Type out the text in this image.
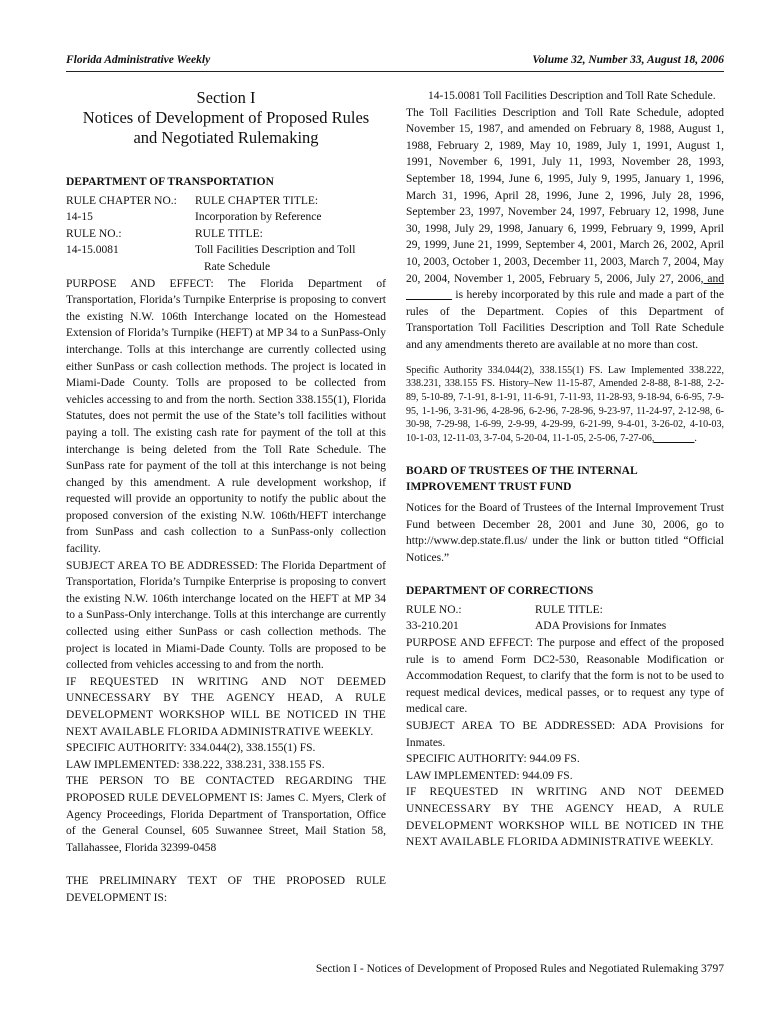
Florida Administrative Weekly	Volume 32, Number 33, August 18, 2006
Section I
Notices of Development of Proposed Rules
and Negotiated Rulemaking

DEPARTMENT OF TRANSPORTATION

RULE CHAPTER NO.:	RULE CHAPTER TITLE:
14-15	Incorporation by Reference
RULE NO.:	RULE TITLE:
14-15.0081	Toll Facilities Description and Toll
Rate Schedule

PURPOSE AND EFFECT: The Florida Department of Transportation, Florida’s Turnpike Enterprise is proposing to convert the existing N.W. 106th Interchange located on the Homestead Extension of Florida’s Turnpike (HEFT) at MP 34 to a SunPass-Only interchange. Tolls at this interchange are currently collected using either SunPass or cash collection methods. The project is located in Miami-Dade County. Tolls are proposed to be collected from vehicles accessing to and from the north. Section 338.155(1), Florida Statutes, does not permit the use of the State’s toll facilities without paying a toll. The existing cash rate for payment of the toll at this interchange is being deleted from the Toll Rate Schedule. The SunPass rate for payment of the toll at this interchange is not being changed by this amendment. A rule development workshop, if requested will provide an opportunity to notify the public about the proposed conversion of the existing N.W. 106th/HEFT interchange from SunPass and cash collection to a SunPass-only collection facility.

SUBJECT AREA TO BE ADDRESSED: The Florida Department of Transportation, Florida’s Turnpike Enterprise is proposing to convert the existing N.W. 106th interchange located on the HEFT at MP 34 to a SunPass-Only interchange. Tolls at this interchange are currently collected using either SunPass or cash collection methods. The project is located in Miami-Dade County. Tolls are proposed to be collected from vehicles accessing to and from the north.

IF REQUESTED IN WRITING AND NOT DEEMED UNNECESSARY BY THE AGENCY HEAD, A RULE DEVELOPMENT WORKSHOP WILL BE NOTICED IN THE NEXT AVAILABLE FLORIDA ADMINISTRATIVE WEEKLY.

SPECIFIC AUTHORITY: 334.044(2), 338.155(1) FS.

LAW IMPLEMENTED: 338.222, 338.231, 338.155 FS.

THE PERSON TO BE CONTACTED REGARDING THE PROPOSED RULE DEVELOPMENT IS: James C. Myers, Clerk of Agency Proceedings, Florida Department of Transportation, Office of the General Counsel, 605 Suwannee Street, Mail Station 58, Tallahassee, Florida 32399-0458

THE PRELIMINARY TEXT OF THE PROPOSED RULE DEVELOPMENT IS:

14-15.0081 Toll Facilities Description and Toll Rate Schedule.

The Toll Facilities Description and Toll Rate Schedule, adopted November 15, 1987, and amended on February 8, 1988, August 1, 1988, February 2, 1989, May 10, 1989, July 1, 1991, August 1, 1991, November 6, 1991, July 11, 1993, November 28, 1993, September 18, 1994, June 6, 1995, July 9, 1995, January 1, 1996, March 31, 1996, April 28, 1996, June 2, 1996, July 28, 1996, September 23, 1997, November 24, 1997, February 12, 1998, June 30, 1998, July 29, 1998, January 6, 1999, February 9, 1999, April 29, 1999, June 21, 1999, September 4, 2001, March 26, 2002, April 10, 2003, October 1, 2003, December 11, 2003, March 7, 2004, May 20, 2004, November 1, 2005, February 5, 2006, July 27, 2006, and ________ is hereby incorporated by this rule and made a part of the rules of the Department. Copies of this Department of Transportation Toll Facilities Description and Toll Rate Schedule and any amendments thereto are available at no more than cost.

Specific Authority 334.044(2), 338.155(1) FS. Law Implemented 338.222, 338.231, 338.155 FS. History–New 11-15-87, Amended 2-8-88, 8-1-88, 2-2-89, 5-10-89, 7-1-91, 8-1-91, 11-6-91, 7-11-93, 11-28-93, 9-18-94, 6-6-95, 7-9-95, 1-1-96, 3-31-96, 4-28-96, 6-2-96, 7-28-96, 9-23-97, 11-24-97, 2-12-98, 6-30-98, 7-29-98, 1-6-99, 2-9-99, 4-29-99, 6-21-99, 9-4-01, 3-26-02, 4-10-03, 10-1-03, 12-11-03, 3-7-04, 5-20-04, 11-1-05, 2-5-06, 7-27-06,________.

BOARD OF TRUSTEES OF THE INTERNAL IMPROVEMENT TRUST FUND

Notices for the Board of Trustees of the Internal Improvement Trust Fund between December 28, 2001 and June 30, 2006, go to http://www.dep.state.fl.us/ under the link or button titled “Official Notices.”

DEPARTMENT OF CORRECTIONS

RULE NO.:	RULE TITLE:
33-210.201	ADA Provisions for Inmates

PURPOSE AND EFFECT: The purpose and effect of the proposed rule is to amend Form DC2-530, Reasonable Modification or Accommodation Request, to clarify that the form is not to be used to request medical devices, medical passes, or to request any type of medical care.

SUBJECT AREA TO BE ADDRESSED: ADA Provisions for Inmates.

SPECIFIC AUTHORITY: 944.09 FS.

LAW IMPLEMENTED: 944.09 FS.

IF REQUESTED IN WRITING AND NOT DEEMED UNNECESSARY BY THE AGENCY HEAD, A RULE DEVELOPMENT WORKSHOP WILL BE NOTICED IN THE NEXT AVAILABLE FLORIDA ADMINISTRATIVE WEEKLY.

Section I - Notices of Development of Proposed Rules and Negotiated Rulemaking 3797
